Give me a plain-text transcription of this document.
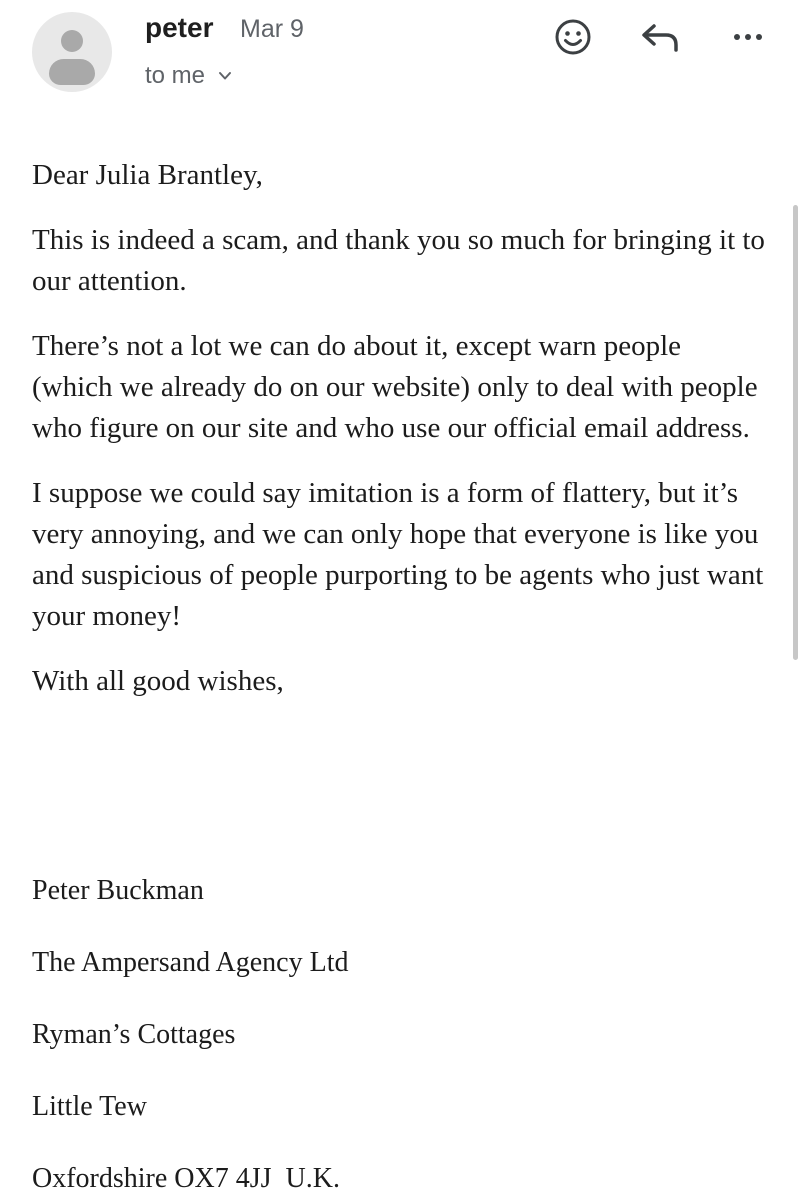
peter Mar 9
to me

Dear Julia Brantley,

This is indeed a scam, and thank you so much for bringing it to our attention.

There’s not a lot we can do about it, except warn people (which we already do on our website) only to deal with people who figure on our site and who use our official email address.

I suppose we could say imitation is a form of flattery, but it’s very annoying, and we can only hope that everyone is like you and suspicious of people purporting to be agents who just want your money!

With all good wishes,

Peter Buckman
The Ampersand Agency Ltd
Ryman’s Cottages
Little Tew
Oxfordshire OX7 4JJ  U.K.
